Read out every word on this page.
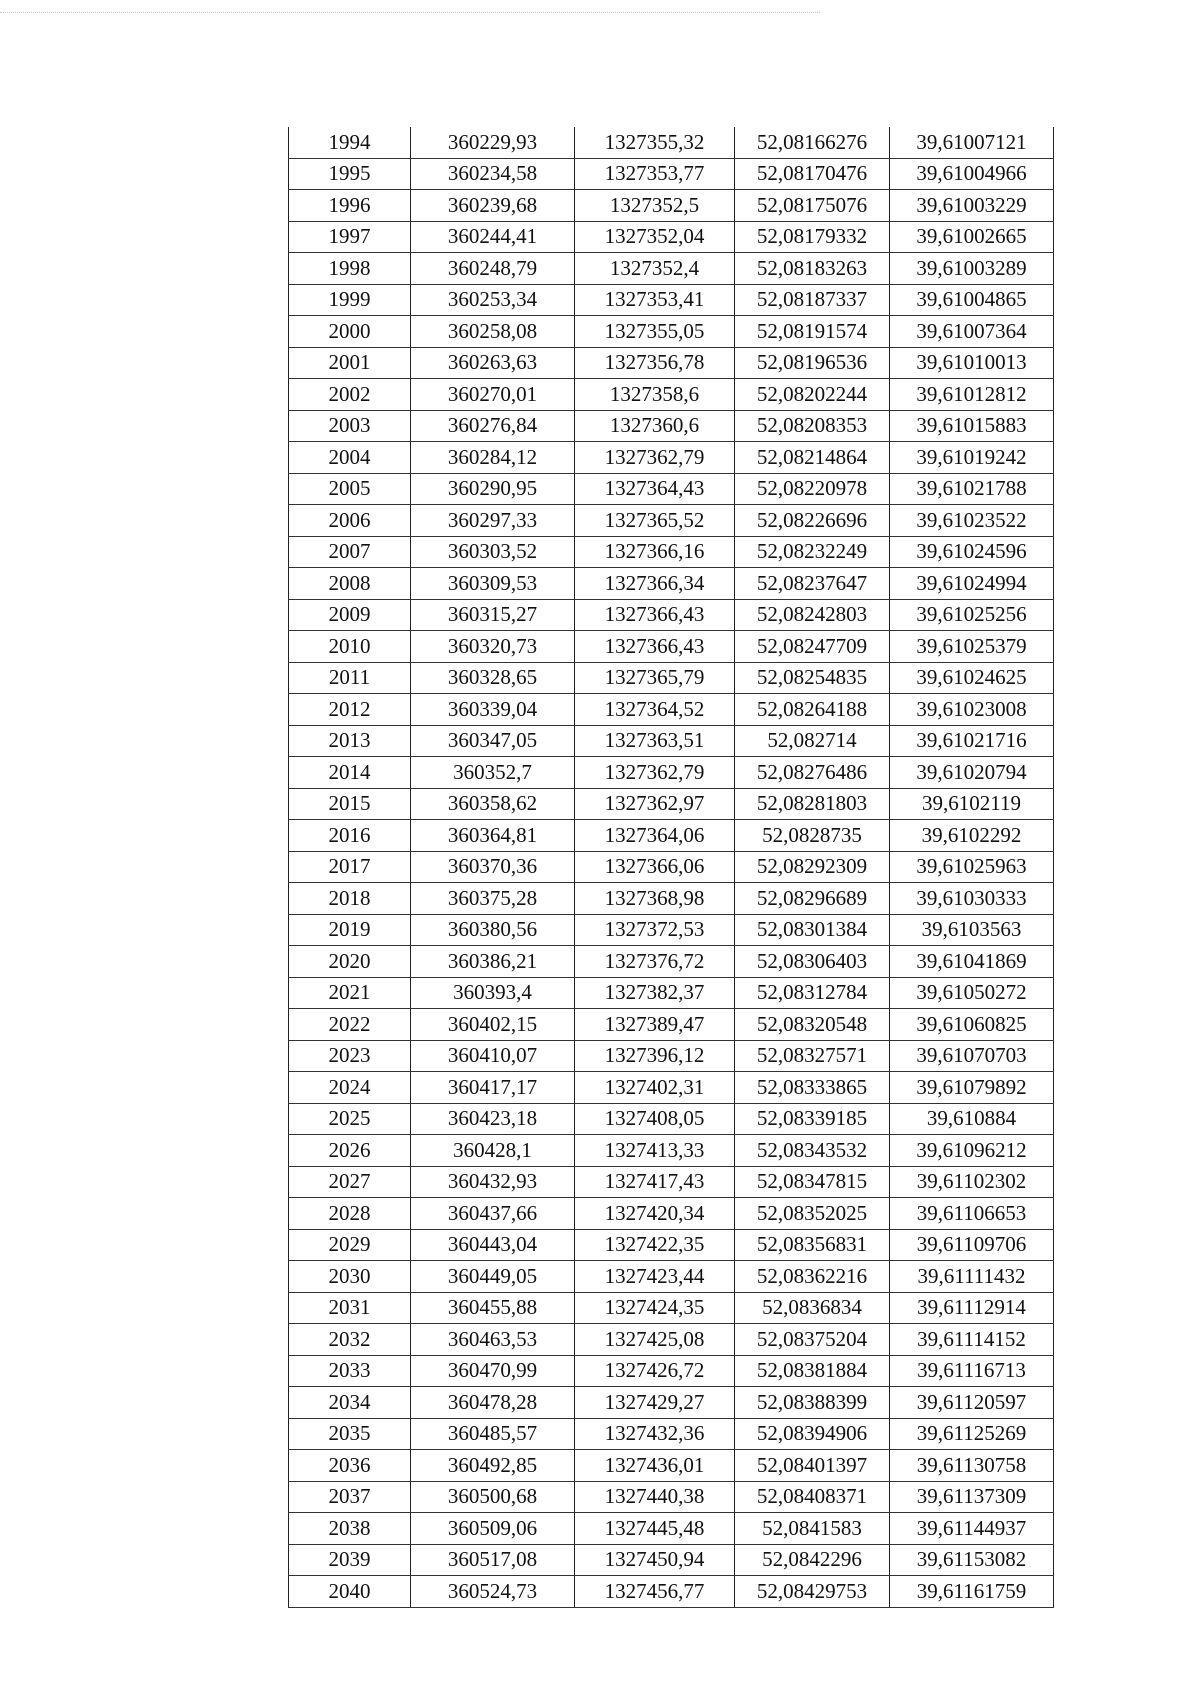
1994	360229,93	1327355,32	52,08166276	39,61007121
1995	360234,58	1327353,77	52,08170476	39,61004966
1996	360239,68	1327352,5	52,08175076	39,61003229
1997	360244,41	1327352,04	52,08179332	39,61002665
1998	360248,79	1327352,4	52,08183263	39,61003289
1999	360253,34	1327353,41	52,08187337	39,61004865
2000	360258,08	1327355,05	52,08191574	39,61007364
2001	360263,63	1327356,78	52,08196536	39,61010013
2002	360270,01	1327358,6	52,08202244	39,61012812
2003	360276,84	1327360,6	52,08208353	39,61015883
2004	360284,12	1327362,79	52,08214864	39,61019242
2005	360290,95	1327364,43	52,08220978	39,61021788
2006	360297,33	1327365,52	52,08226696	39,61023522
2007	360303,52	1327366,16	52,08232249	39,61024596
2008	360309,53	1327366,34	52,08237647	39,61024994
2009	360315,27	1327366,43	52,08242803	39,61025256
2010	360320,73	1327366,43	52,08247709	39,61025379
2011	360328,65	1327365,79	52,08254835	39,61024625
2012	360339,04	1327364,52	52,08264188	39,61023008
2013	360347,05	1327363,51	52,082714	39,61021716
2014	360352,7	1327362,79	52,08276486	39,61020794
2015	360358,62	1327362,97	52,08281803	39,6102119
2016	360364,81	1327364,06	52,0828735	39,6102292
2017	360370,36	1327366,06	52,08292309	39,61025963
2018	360375,28	1327368,98	52,08296689	39,61030333
2019	360380,56	1327372,53	52,08301384	39,6103563
2020	360386,21	1327376,72	52,08306403	39,61041869
2021	360393,4	1327382,37	52,08312784	39,61050272
2022	360402,15	1327389,47	52,08320548	39,61060825
2023	360410,07	1327396,12	52,08327571	39,61070703
2024	360417,17	1327402,31	52,08333865	39,61079892
2025	360423,18	1327408,05	52,08339185	39,610884
2026	360428,1	1327413,33	52,08343532	39,61096212
2027	360432,93	1327417,43	52,08347815	39,61102302
2028	360437,66	1327420,34	52,08352025	39,61106653
2029	360443,04	1327422,35	52,08356831	39,61109706
2030	360449,05	1327423,44	52,08362216	39,61111432
2031	360455,88	1327424,35	52,0836834	39,61112914
2032	360463,53	1327425,08	52,08375204	39,61114152
2033	360470,99	1327426,72	52,08381884	39,61116713
2034	360478,28	1327429,27	52,08388399	39,61120597
2035	360485,57	1327432,36	52,08394906	39,61125269
2036	360492,85	1327436,01	52,08401397	39,61130758
2037	360500,68	1327440,38	52,08408371	39,61137309
2038	360509,06	1327445,48	52,0841583	39,61144937
2039	360517,08	1327450,94	52,0842296	39,61153082
2040	360524,73	1327456,77	52,08429753	39,61161759
